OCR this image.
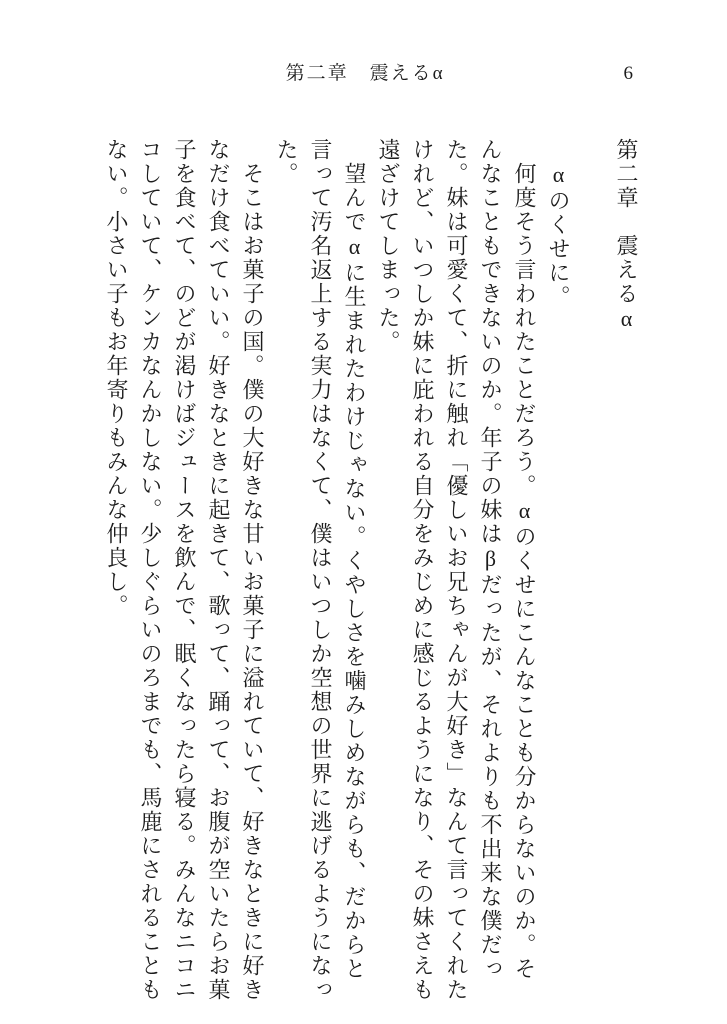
第二章　震えるα	6
第二章　震えるα

αのくせに。

何度そう言われたことだろう。αのくせにこんなことも分からないのか。そんなこともできないのか。年子の妹はβだったが、それよりも不出来な僕だった。妹は可愛くて、折に触れ「優しいお兄ちゃんが大好き」なんて言ってくれたけれど、いつしか妹に庇われる自分をみじめに感じるようになり、その妹さえも遠ざけてしまった。

望んでαに生まれたわけじゃない。くやしさを噛みしめながらも、だからと言って汚名返上する実力はなくて、僕はいつしか空想の世界に逃げるようになった。

そこはお菓子の国。僕の大好きな甘いお菓子に溢れていて、好きなときに好きなだけ食べていい。好きなときに起きて、歌って、踊って、お腹が空いたらお菓子を食べて、のどが渇けばジュースを飲んで、眠くなったら寝る。みんなニコニコしていて、ケンカなんかしない。少しぐらいのろまでも、馬鹿にされることもない。小さい子もお年寄りもみんな仲良し。
